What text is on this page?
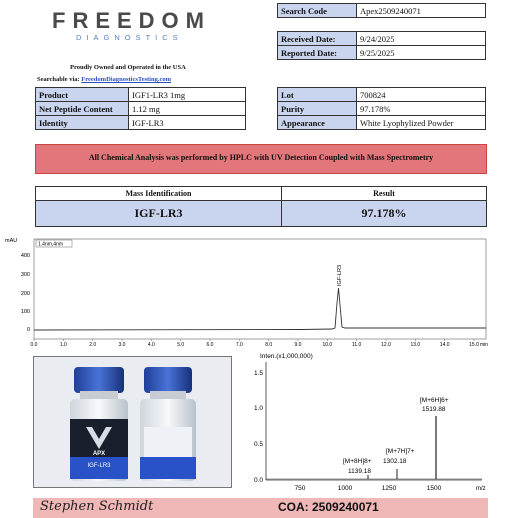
FREEDOM
DIAGNOSTICS
Proudly Owned and Operated in the USA
Searchable via: FreedomDiagnosticsTesting.com
Search Code	Apex2509240071
Received Date:	9/24/2025
Reported Date:	9/25/2025
Product	IGF1-LR3 1mg
Net Peptide Content	1.12 mg
Identity	IGF-LR3
Lot	700824
Purity	97.178%
Appearance	White Lyophylized Powder
All Chemical Analysis was performed by HPLC with UV Detection Coupled with Mass Spectrometry
Mass Identification	Result
IGF-LR3	97.178%
mAU
1.4nm,4nm
400
300
200
100
0
0.0	1.0	2.0	3.0	4.0	5.0	6.0	7.0	8.0	9.0	10.0	11.0	12.0	13.0	14.0	15.0 min
IGF-LR3
APX
IGF-LR3
Inten.(x1,000,000)
1.5
1.0
0.5
0.0
750	1000	1250	1500	m/z
[M+6H]6+
1519.88
[M+7H]7+
1302.18
[M+8H]8+
1139.18
Stephen Schmidt	COA: 2509240071
